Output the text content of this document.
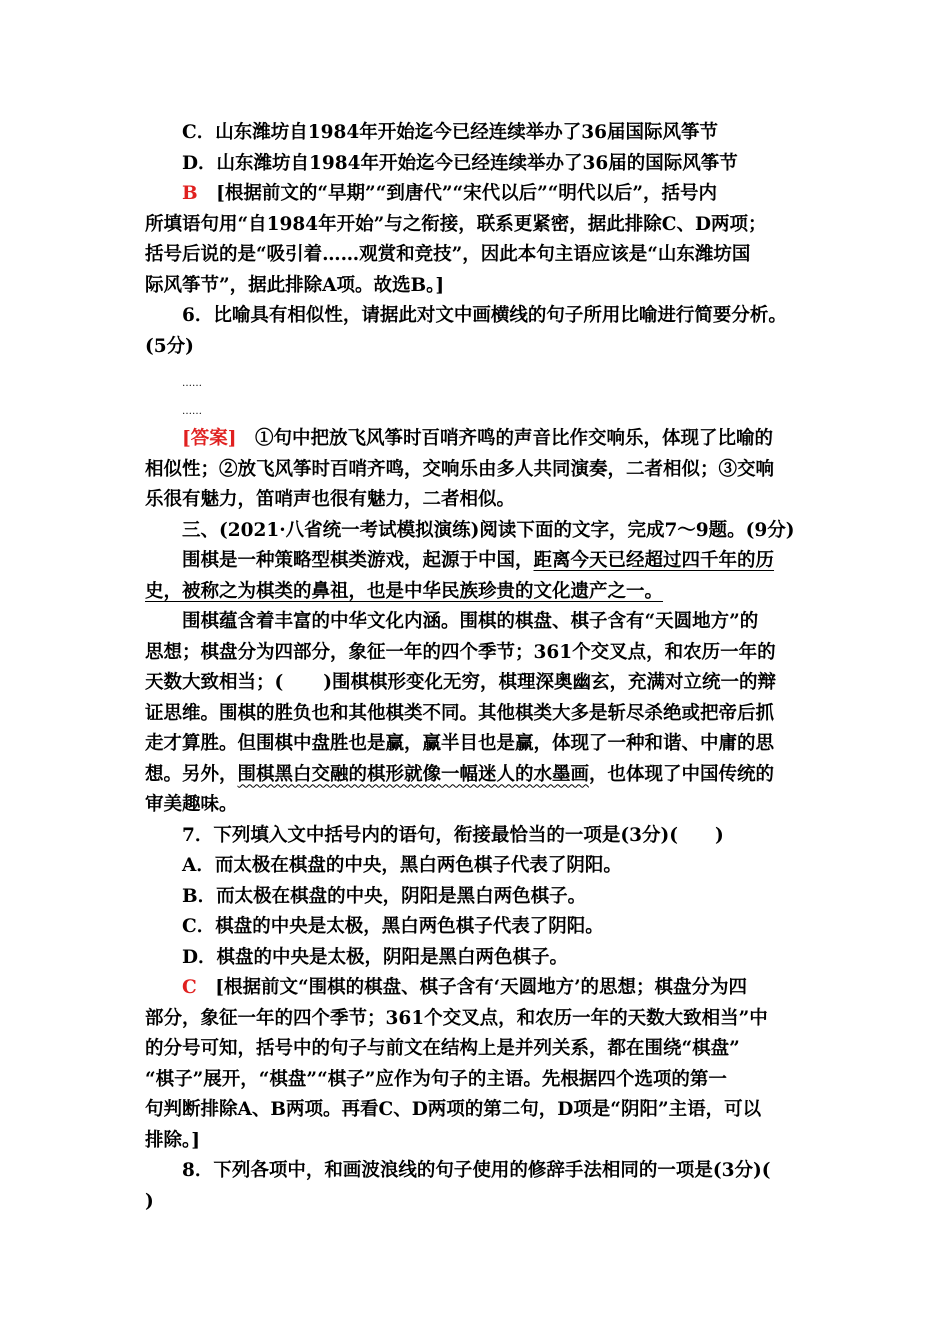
C．山东潍坊自1984年开始迄今已经连续举办了36届国际风筝节
D．山东潍坊自1984年开始迄今已经连续举办了36届的国际风筝节
B　 [根据前文的“早期”“到唐代”“宋代以后”“明代以后”，括号内
所填语句用“自1984年开始”与之衔接，联系更紧密，据此排除C、D两项；
括号后说的是“吸引着……观赏和竞技”，因此本句主语应该是“山东潍坊国
际风筝节”，据此排除A项。故选B。]
6．比喻具有相似性，请据此对文中画横线的句子所用比喻进行简要分析。
(5分)
……
……
[答案]　 ①句中把放飞风筝时百哨齐鸣的声音比作交响乐，体现了比喻的
相似性；②放飞风筝时百哨齐鸣，交响乐由多人共同演奏，二者相似；③交响
乐很有魅力，笛哨声也很有魅力，二者相似。
三、(2021·八省统一考试模拟演练)阅读下面的文字，完成7～9题。(9分)
围棋是一种策略型棋类游戏，起源于中国，距离今天已经超过四千年的历
史，被称之为棋类的鼻祖，也是中华民族珍贵的文化遗产之一。
围棋蕴含着丰富的中华文化内涵。围棋的棋盘、棋子含有“天圆地方”的
思想；棋盘分为四部分，象征一年的四个季节；361个交叉点，和农历一年的
天数大致相当；( )围棋棋形变化无穷，棋理深奥幽玄，充满对立统一的辩
证思维。围棋的胜负也和其他棋类不同。其他棋类大多是斩尽杀绝或把帝后抓
走才算胜。但围棋中盘胜也是赢，赢半目也是赢，体现了一种和谐、中庸的思
想。另外，围棋黑白交融的棋形就像一幅迷人的水墨画，也体现了中国传统的
审美趣味。
7．下列填入文中括号内的语句，衔接最恰当的一项是(3分)(　　)
A．而太极在棋盘的中央，黑白两色棋子代表了阴阳。
B．而太极在棋盘的中央，阴阳是黑白两色棋子。
C．棋盘的中央是太极，黑白两色棋子代表了阴阳。
D．棋盘的中央是太极，阴阳是黑白两色棋子。
C　 [根据前文“围棋的棋盘、棋子含有‘天圆地方’的思想；棋盘分为四
部分，象征一年的四个季节；361个交叉点，和农历一年的天数大致相当”中
的分号可知，括号中的句子与前文在结构上是并列关系，都在围绕“棋盘”
“棋子”展开，“棋盘”“棋子”应作为句子的主语。先根据四个选项的第一
句判断排除A、B两项。再看C、D两项的第二句，D项是“阴阳”主语，可以
排除。]
8．下列各项中，和画波浪线的句子使用的修辞手法相同的一项是(3分)(
)
